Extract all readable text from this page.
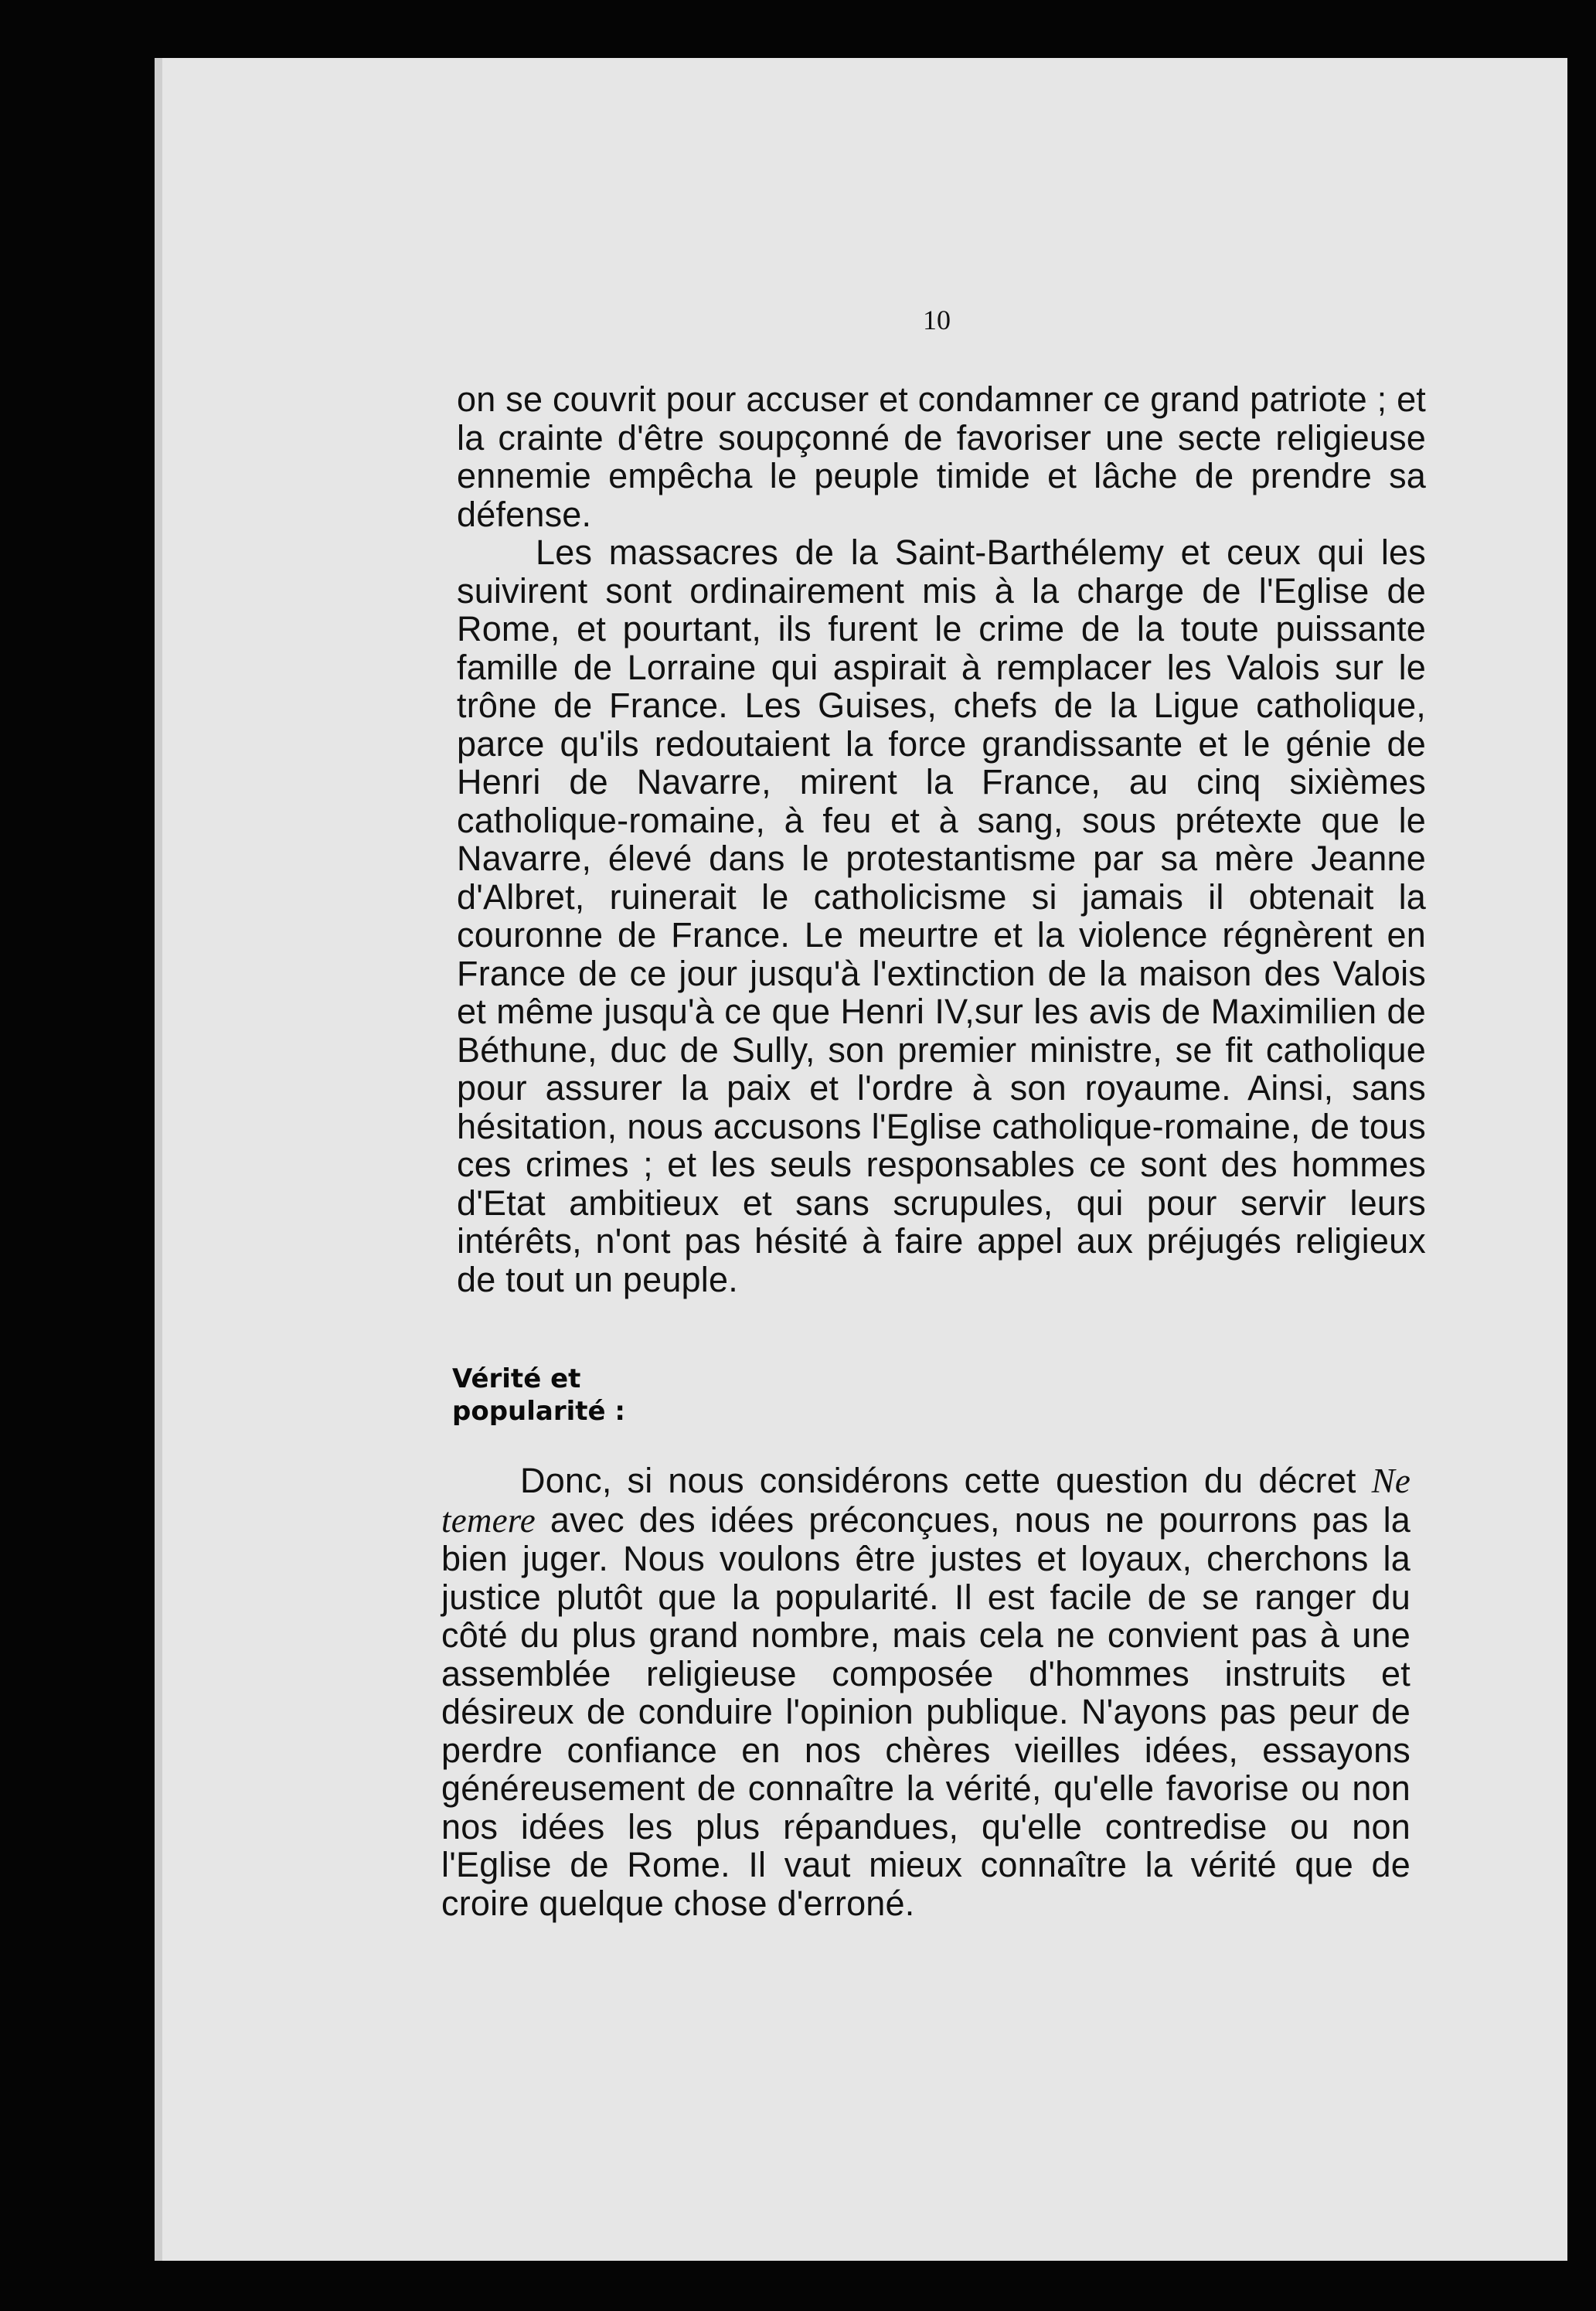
10

on se couvrit pour accuser et condamner ce grand patriote ; et la crainte d'être soupçonné de favoriser une secte religieuse ennemie empêcha le peuple timide et lâche de prendre sa défense.

Les massacres de la Saint-Barthélemy et ceux qui les suivirent sont ordinairement mis à la charge de l'Eglise de Rome, et pourtant, ils furent le crime de la toute puissante famille de Lorraine qui aspirait à remplacer les Valois sur le trône de France. Les Guises, chefs de la Ligue catholique, parce qu'ils redoutaient la force grandissante et le génie de Henri de Navarre, mirent la France, au cinq sixièmes catholique-romaine, à feu et à sang, sous prétexte que le Navarre, élevé dans le protestantisme par sa mère Jeanne d'Albret, ruinerait le catholicisme si jamais il obtenait la couronne de France. Le meurtre et la violence régnèrent en France de ce jour jusqu'à l'extinction de la maison des Valois et même jusqu'à ce que Henri IV,sur les avis de Maximilien de Béthune, duc de Sully, son premier ministre, se fit catholique pour assurer la paix et l'ordre à son royaume. Ainsi, sans hésitation, nous accusons l'Eglise catholique-romaine, de tous ces crimes ; et les seuls responsables ce sont des hommes d'Etat ambitieux et sans scrupules, qui pour servir leurs intérêts, n'ont pas hésité à faire appel aux préjugés religieux de tout un peuple.

Vérité et
popularité :

Donc, si nous considérons cette question du décret Ne temere avec des idées préconçues, nous ne pourrons pas la bien juger. Nous voulons être justes et loyaux, cherchons la justice plutôt que la popularité. Il est facile de se ranger du côté du plus grand nombre, mais cela ne convient pas à une assemblée religieuse composée d'hommes instruits et désireux de conduire l'opinion publique. N'ayons pas peur de perdre confiance en nos chères vieilles idées, essayons généreusement de connaître la vérité, qu'elle favorise ou non nos idées les plus répandues, qu'elle contredise ou non l'Eglise de Rome. Il vaut mieux connaître la vérité que de croire quelque chose d'erroné.
